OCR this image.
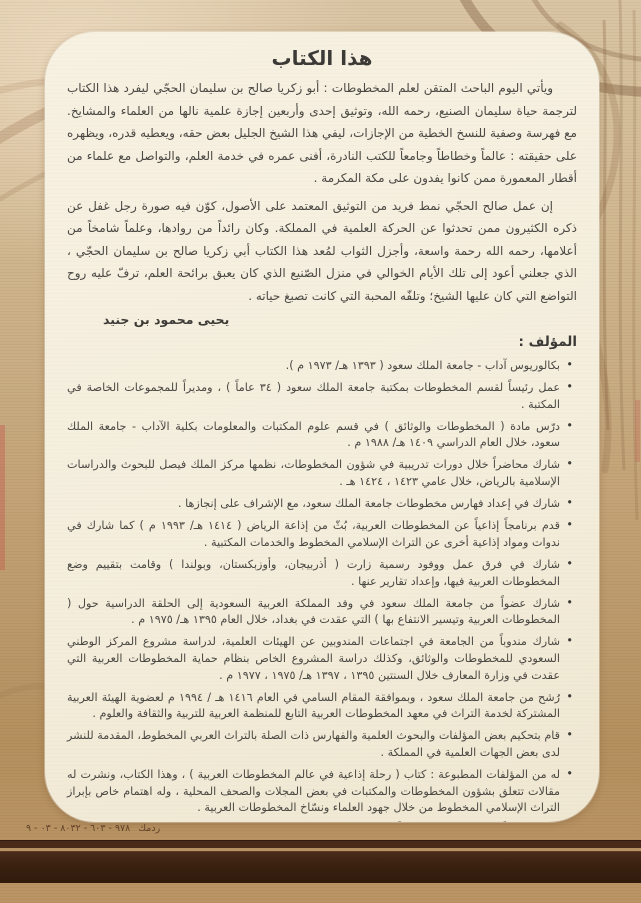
هذا الكتاب

ويأتي اليوم الباحث المتقن لعلم المخطوطات : أبو زكريا صالح بن سليمان الحجّي ليفرد هذا الكتاب لترجمة حياة سليمان الصنيع، رحمه الله، وتوثيق إحدى وأربعين إجازة علمية نالها من العلماء والمشايخ. مع فهرسة وصفية للنسخ الخطية من الإجازات، ليفي هذا الشيخ الجليل بعض حقه، ويعطيه قدره، ويظهره على حقيقته : عالماً وخطاطاً وجامعاً للكتب النادرة، أفنى عمره في خدمة العلم، والتواصل مع علماء من أقطار المعمورة ممن كانوا يفدون على مكة المكرمة .

إن عمل صالح الحجّي نمط فريد من التوثيق المعتمد على الأصول، كوّن فيه صورة رجل غفل عن ذكره الكثيرون ممن تحدثوا عن الحركة العلمية في المملكة. وكان رائداً من روادها، وعلماً شامخاً من أعلامها، رحمه الله رحمة واسعة، وأجزل الثواب لمُعد هذا الكتاب أبي زكريا صالح بن سليمان الحجّي ، الذي جعلني أعود إلى تلك الأيام الخوالي في منزل الصّنيع الذي كان يعبق برائحة العلم، ترفّ عليه روح التواضع التي كان عليها الشيخ؛ وتلفّه المحبة التي كانت تصبغ حياته .

يحيى محمود بن جنيد
المؤلف :
• بكالوريوس آداب - جامعة الملك سعود ( ١٣٩٣ هـ/ ١٩٧٣ م ).
• عمل رئيساً لقسم المخطوطات بمكتبة جامعة الملك سعود ( ٣٤ عاماً ) ، ومديراً للمجموعات الخاصة في المكتبة .
• درّس مادة ( المخطوطات والوثائق ) في قسم علوم المكتبات والمعلومات بكلية الآداب - جامعة الملك سعود، خلال العام الدراسي ١٤٠٩ هـ/ ١٩٨٨ م .
• شارك محاضراً خلال دورات تدريبية في شؤون المخطوطات، نظمها مركز الملك فيصل للبحوث والدراسات الإسلامية بالرياض، خلال عامي ١٤٢٣ ، ١٤٢٤ هـ .
• شارك في إعداد فهارس مخطوطات جامعة الملك سعود، مع الإشراف على إنجازها .
• قدم برنامجاً إذاعياً عن المخطوطات العربية، بُثّ من إذاعة الرياض ( ١٤١٤ هـ/ ١٩٩٣ م ) كما شارك في ندوات ومواد إذاعية أخرى عن التراث الإسلامي المخطوط والخدمات المكتبية .
• شارك في فرق عمل ووفود رسمية زارت ( أذربيجان، وأوزبكستان، وبولندا ) وقامت بتقييم وضع المخطوطات العربية فيها، وإعداد تقارير عنها .
• شارك عضواً من جامعة الملك سعود في وفد المملكة العربية السعودية إلى الحلقة الدراسية حول ( المخطوطات العربية وتيسير الانتفاع بها ) التي عقدت في بغداد، خلال العام ١٣٩٥ هـ/ ١٩٧٥ م .
• شارك مندوباً من الجامعة في اجتماعات المندوبين عن الهيئات العلمية، لدراسة مشروع المركز الوطني السعودي للمخطوطات والوثائق، وكذلك دراسة المشروع الخاص بنظام حماية المخطوطات العربية التي عقدت في وزارة المعارف خلال السنتين ١٣٩٥ ، ١٣٩٧ هـ/ ١٩٧٥ ، ١٩٧٧ م .
• رُشح من جامعة الملك سعود ، وبموافقة المقام السامي في العام ١٤١٦ هـ / ١٩٩٤ م لعضوية الهيئة العربية المشتركة لخدمة التراث في معهد المخطوطات العربية التابع للمنظمة العربية للتربية والثقافة والعلوم .
• قام بتحكيم بعض المؤلفات والبحوث العلمية والفهارس ذات الصلة بالتراث العربي المخطوط، المقدمة للنشر لدى بعض الجهات العلمية في المملكة .
• له من المؤلفات المطبوعة : كتاب ( رحلة إذاعية في عالم المخطوطات العربية ) ، وهذا الكتاب، ونشرت له مقالات تتعلق بشؤون المخطوطات والمكتبات في بعض المجلات والصحف المحلية ، وله اهتمام خاص بإبراز التراث الإسلامي المخطوط من خلال جهود العلماء ونسّاخ المخطوطات العربية .
ردمك ٩٧٨ - ٦٠٣ - ٨٠٣٢ - ٠٣ - ٩
